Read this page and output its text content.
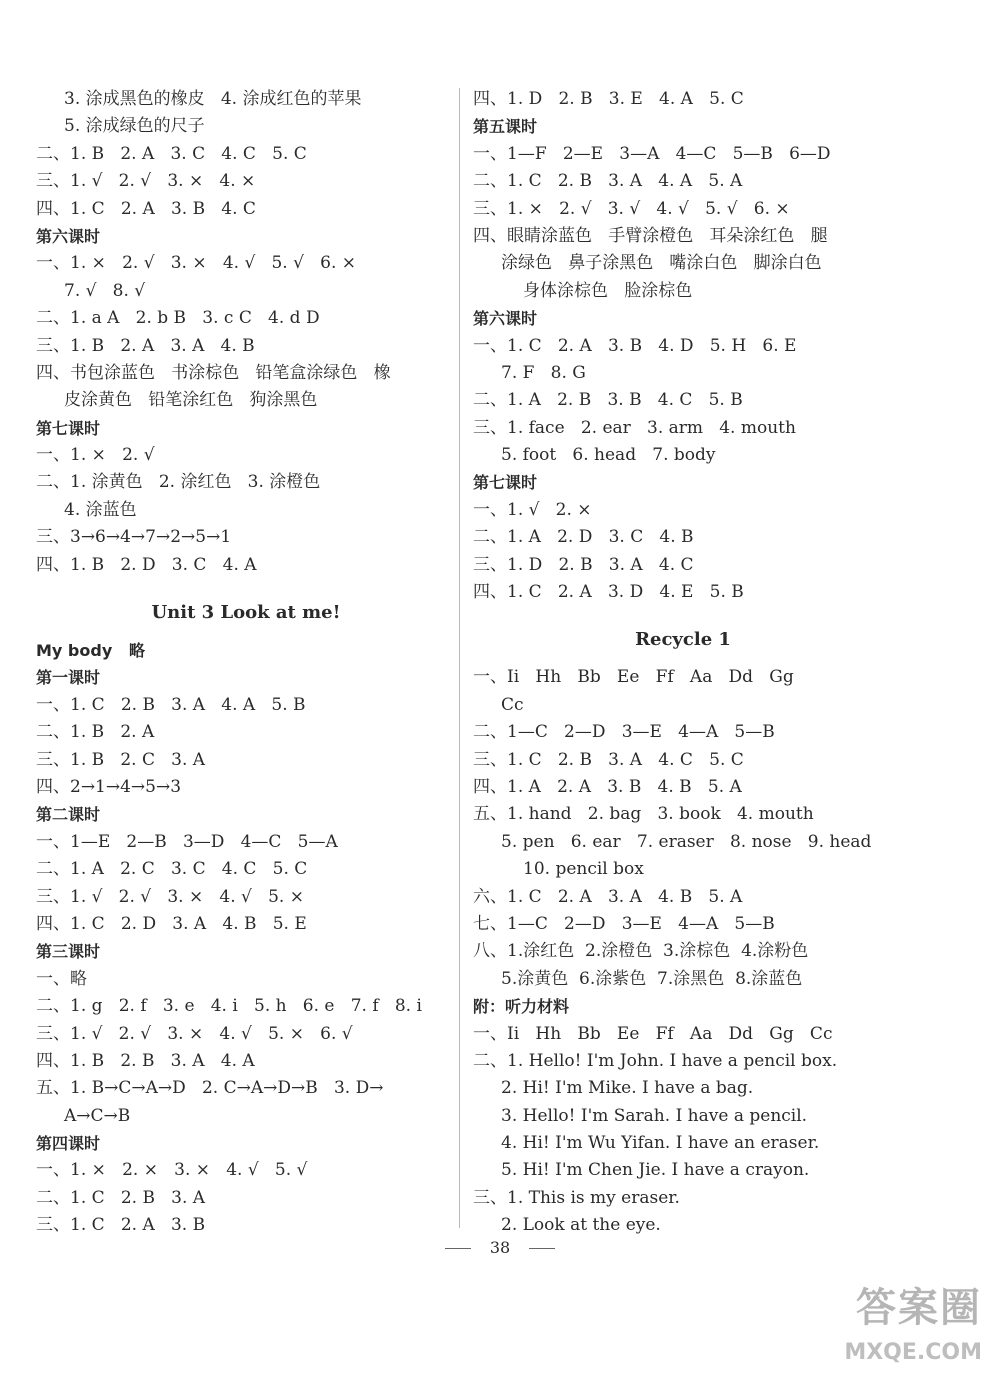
3. 涂成黑色的橡皮   4. 涂成红色的苹果
5. 涂成绿色的尺子
二、1. B   2. A   3. C   4. C   5. C
三、1. √   2. √   3. ×   4. ×
四、1. C   2. A   3. B   4. C
第六课时
一、1. ×   2. √   3. ×   4. √   5. √   6. ×
7. √   8. √
二、1. a A   2. b B   3. c C   4. d D
三、1. B   2. A   3. A   4. B
四、书包涂蓝色   书涂棕色   铅笔盒涂绿色   橡
皮涂黄色   铅笔涂红色   狗涂黑色
第七课时
一、1. ×   2. √
二、1. 涂黄色   2. 涂红色   3. 涂橙色
4. 涂蓝色
三、3→6→4→7→2→5→1
四、1. B   2. D   3. C   4. A
Unit 3 Look at me!
My body   略
第一课时
一、1. C   2. B   3. A   4. A   5. B
二、1. B   2. A
三、1. B   2. C   3. A
四、2→1→4→5→3
第二课时
一、1—E   2—B   3—D   4—C   5—A
二、1. A   2. C   3. C   4. C   5. C
三、1. √   2. √   3. ×   4. √   5. ×
四、1. C   2. D   3. A   4. B   5. E
第三课时
一、略
二、1. g   2. f   3. e   4. i   5. h   6. e   7. f   8. i
三、1. √   2. √   3. ×   4. √   5. ×   6. √
四、1. B   2. B   3. A   4. A
五、1. B→C→A→D   2. C→A→D→B   3. D→
A→C→B
第四课时
一、1. ×   2. ×   3. ×   4. √   5. √
二、1. C   2. B   3. A
三、1. C   2. A   3. B
四、1. D   2. B   3. E   4. A   5. C
第五课时
一、1—F   2—E   3—A   4—C   5—B   6—D
二、1. C   2. B   3. A   4. A   5. A
三、1. ×   2. √   3. √   4. √   5. √   6. ×
四、眼睛涂蓝色   手臂涂橙色   耳朵涂红色   腿
涂绿色   鼻子涂黑色   嘴涂白色   脚涂白色
身体涂棕色   脸涂棕色
第六课时
一、1. C   2. A   3. B   4. D   5. H   6. E
7. F   8. G
二、1. A   2. B   3. B   4. C   5. B
三、1. face   2. ear   3. arm   4. mouth
5. foot   6. head   7. body
第七课时
一、1. √   2. ×
二、1. A   2. D   3. C   4. B
三、1. D   2. B   3. A   4. C
四、1. C   2. A   3. D   4. E   5. B
Recycle 1
一、Ii   Hh   Bb   Ee   Ff   Aa   Dd   Gg
Cc
二、1—C   2—D   3—E   4—A   5—B
三、1. C   2. B   3. A   4. C   5. C
四、1. A   2. A   3. B   4. B   5. A
五、1. hand   2. bag   3. book   4. mouth
5. pen   6. ear   7. eraser   8. nose   9. head
10. pencil box
六、1. C   2. A   3. A   4. B   5. A
七、1—C   2—D   3—E   4—A   5—B
八、1.涂红色  2.涂橙色  3.涂棕色  4.涂粉色
5.涂黄色  6.涂紫色  7.涂黑色  8.涂蓝色
附：听力材料
一、Ii   Hh   Bb   Ee   Ff   Aa   Dd   Gg   Cc
二、1. Hello! I'm John. I have a pencil box.
2. Hi! I'm Mike. I have a bag.
3. Hello! I'm Sarah. I have a pencil.
4. Hi! I'm Wu Yifan. I have an eraser.
5. Hi! I'm Chen Jie. I have a crayon.
三、1. This is my eraser.
2. Look at the eye.
38
答案圈
MXQE.COM
